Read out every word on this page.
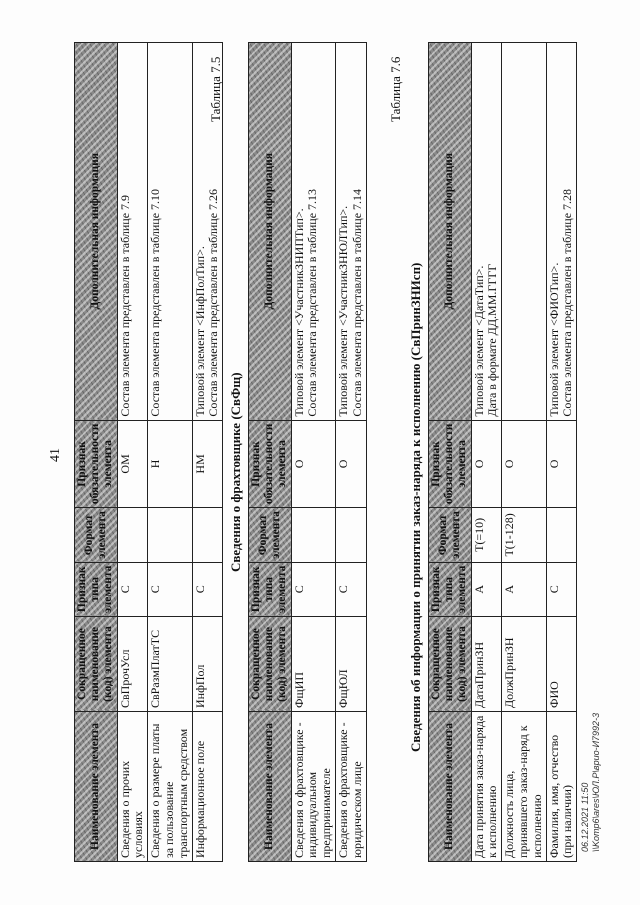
41
Наименование элемента	Сокращенное наименование (код) элемента	Признак типа элемента	Формат элемента	Признак обязательности элемента	Дополнительная информация
Сведения о прочих условиях	СвПрочУсл	С		ОМ	Состав элемента представлен в таблице 7.9

Сведения о размере платы за пользование транспортным средством	СвРазмПлатТС	С		Н	Состав элемента представлен в таблице 7.10

Информационное поле	ИнфПол	С		НМ	Типовой элемент <ИнфПолТип>. Состав элемента представлен в таблице 7.26
Таблица 7.5
Сведения о фрахтовщике (СвФщ)
Наименование элемента	Сокращенное наименование (код) элемента	Признак типа элемента	Формат элемента	Признак обязательности элемента	Дополнительная информация
Сведения о фрахтовщике - индивидуальном предпринимателе	ФщИП	С		О	Типовой элемент <УчастникЗНИПТип>. Состав элемента представлен в таблице 7.13

Сведения о фрахтовщике - юридическом лице	ФщЮЛ	С		О	Типовой элемент <УчастникЗНЮЛТип>. Состав элемента представлен в таблице 7.14
Таблица 7.6
Сведения об информации о принятии заказ-наряда к исполнению (СвПринЗНИсп)
Наименование элемента	Сокращенное наименование (код) элемента	Признак типа элемента	Формат элемента	Признак обязательности элемента	Дополнительная информация
Дата принятия заказ-наряда к исполнению	ДатаПринЗН	А	T(=10)	О	Типовой элемент <ДатаТип>. Дата в формате ДД.ММ.ГГГГ

Должность лица, принявшего заказ-наряд к исполнению	ДолжПринЗН	А	T(1-128)	О	

Фамилия, имя, отчество (при наличии)	ФИО	С		О	Типовой элемент <ФИОТип>. Состав элемента представлен в таблице 7.28
06.12.2021 11:50 \\Komp6\ares\ЮЛ.Р\врио-И7992-3
